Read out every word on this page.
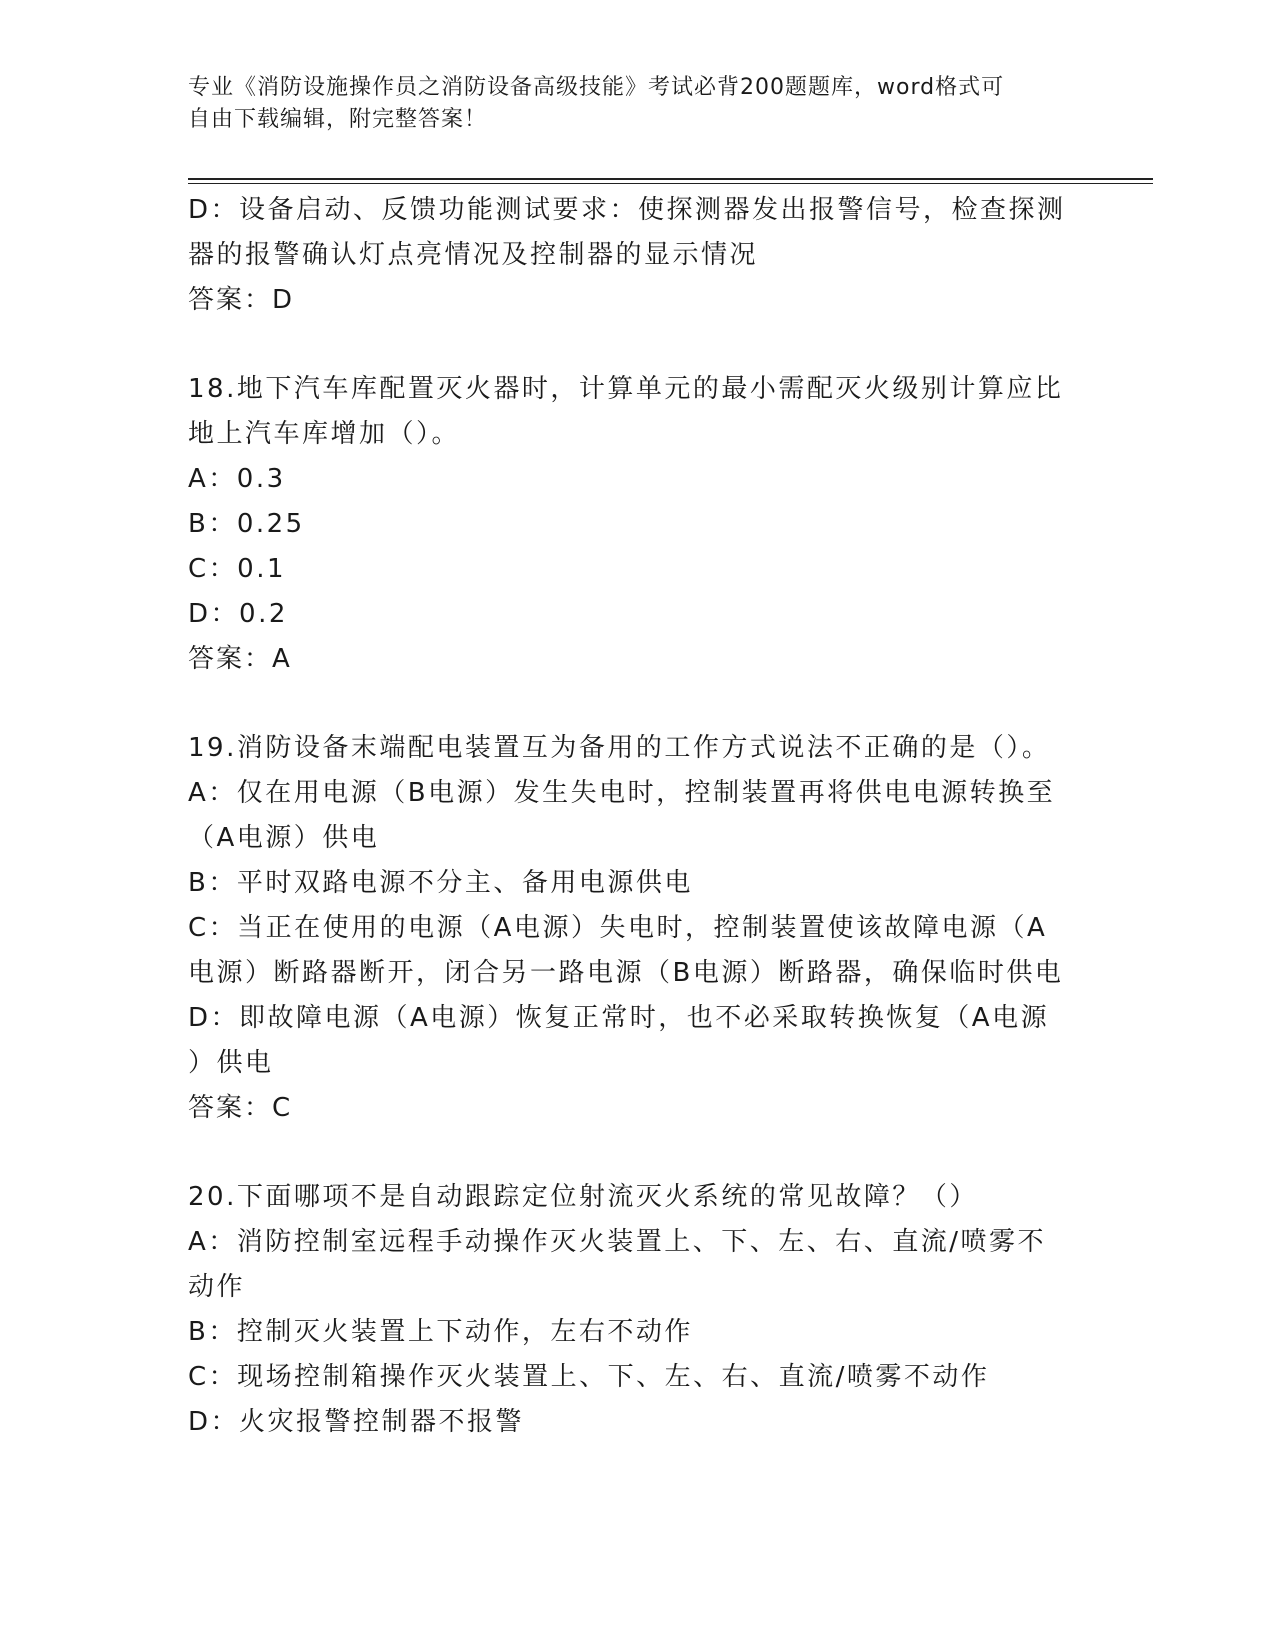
专业《消防设施操作员之消防设备高级技能》考试必背200题题库，word格式可
自由下载编辑，附完整答案！
D：设备启动、反馈功能测试要求：使探测器发出报警信号，检查探测
器的报警确认灯点亮情况及控制器的显示情况
答案：D
18.地下汽车库配置灭火器时，计算单元的最小需配灭火级别计算应比
地上汽车库增加（）。
A：0.3
B：0.25
C：0.1
D：0.2
答案：A
19.消防设备末端配电装置互为备用的工作方式说法不正确的是（）。
A：仅在用电源（B电源）发生失电时，控制装置再将供电电源转换至
（A电源）供电
B：平时双路电源不分主、备用电源供电
C：当正在使用的电源（A电源）失电时，控制装置使该故障电源（A
电源）断路器断开，闭合另一路电源（B电源）断路器，确保临时供电
D：即故障电源（A电源）恢复正常时，也不必采取转换恢复（A电源
）供电
答案：C
20.下面哪项不是自动跟踪定位射流灭火系统的常见故障？（）
A：消防控制室远程手动操作灭火装置上、下、左、右、直流/喷雾不
动作
B：控制灭火装置上下动作，左右不动作
C：现场控制箱操作灭火装置上、下、左、右、直流/喷雾不动作
D：火灾报警控制器不报警
